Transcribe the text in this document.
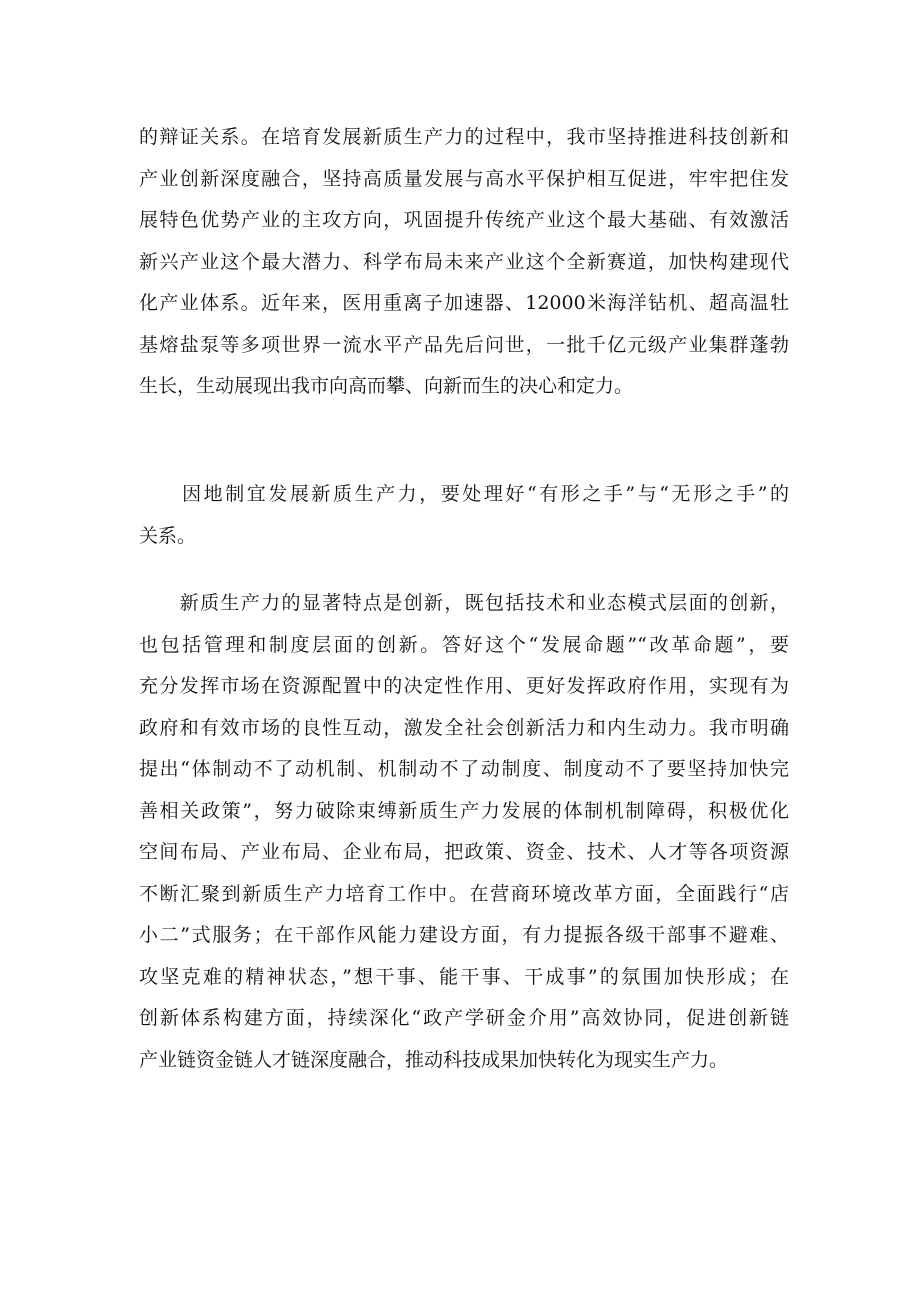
的辩证关系。在培育发展新质生产力的过程中，我市坚持推进科技创新和
产业创新深度融合，坚持高质量发展与高水平保护相互促进，牢牢把住发
展特色优势产业的主攻方向，巩固提升传统产业这个最大基础、有效激活
新兴产业这个最大潜力、科学布局未来产业这个全新赛道，加快构建现代
化产业体系。近年来，医用重离子加速器、12000米海洋钻机、超高温牡
基熔盐泵等多项世界一流水平产品先后问世，一批千亿元级产业集群蓬勃
生长，生动展现出我市向高而攀、向新而生的决心和定力。
　　因地制宜发展新质生产力，要处理好“有形之手”与“无形之手”的
关系。
　　新质生产力的显著特点是创新，既包括技术和业态模式层面的创新，
也包括管理和制度层面的创新。答好这个“发展命题”“改革命题”，要
充分发挥市场在资源配置中的决定性作用、更好发挥政府作用，实现有为
政府和有效市场的良性互动，激发全社会创新活力和内生动力。我市明确
提出“体制动不了动机制、机制动不了动制度、制度动不了要坚持加快完
善相关政策”，努力破除束缚新质生产力发展的体制机制障碍，积极优化
空间布局、产业布局、企业布局，把政策、资金、技术、人才等各项资源
不断汇聚到新质生产力培育工作中。在营商环境改革方面，全面践行“店
小二”式服务；在干部作风能力建设方面，有力提振各级干部事不避难、
攻坚克难的精神状态，”想干事、能干事、干成事”的氛围加快形成；在
创新体系构建方面，持续深化“政产学研金介用”高效协同，促进创新链
产业链资金链人才链深度融合，推动科技成果加快转化为现实生产力。
